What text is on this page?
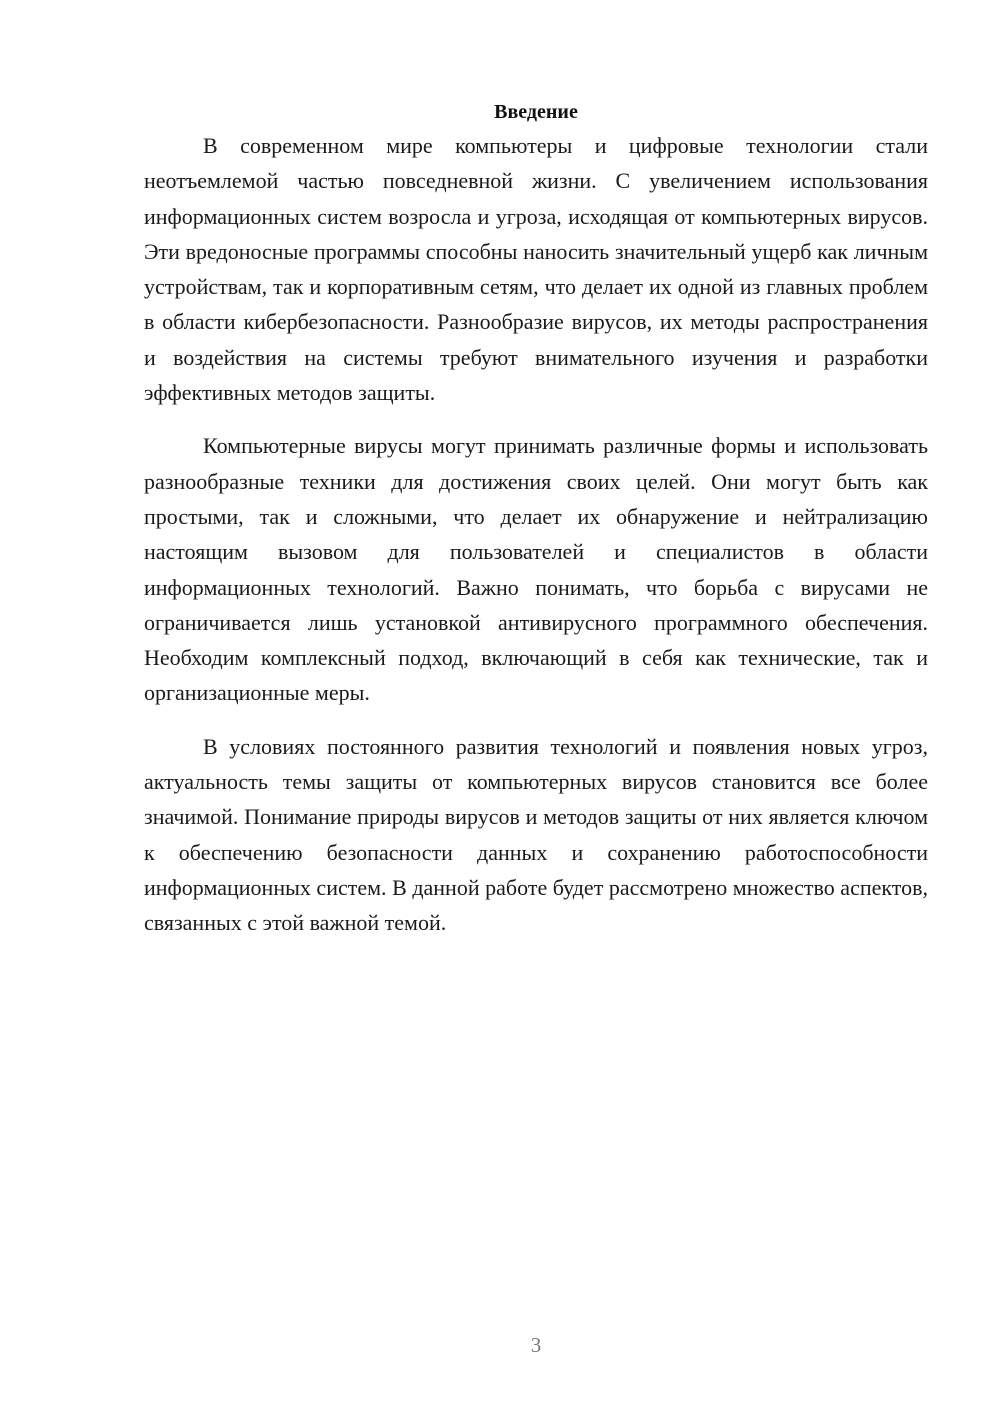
Введение

В современном мире компьютеры и цифровые технологии стали неотъемлемой частью повседневной жизни. С увеличением использования информационных систем возросла и угроза, исходящая от компьютерных вирусов. Эти вредоносные программы способны наносить значительный ущерб как личным устройствам, так и корпоративным сетям, что делает их одной из главных проблем в области кибербезопасности. Разнообразие вирусов, их методы распространения и воздействия на системы требуют внимательного изучения и разработки эффективных методов защиты.

Компьютерные вирусы могут принимать различные формы и использовать разнообразные техники для достижения своих целей. Они могут быть как простыми, так и сложными, что делает их обнаружение и нейтрализацию настоящим вызовом для пользователей и специалистов в области информационных технологий. Важно понимать, что борьба с вирусами не ограничивается лишь установкой антивирусного программного обеспечения. Необходим комплексный подход, включающий в себя как технические, так и организационные меры.

В условиях постоянного развития технологий и появления новых угроз, актуальность темы защиты от компьютерных вирусов становится все более значимой. Понимание природы вирусов и методов защиты от них является ключом к обеспечению безопасности данных и сохранению работоспособности информационных систем. В данной работе будет рассмотрено множество аспектов, связанных с этой важной темой.

3
